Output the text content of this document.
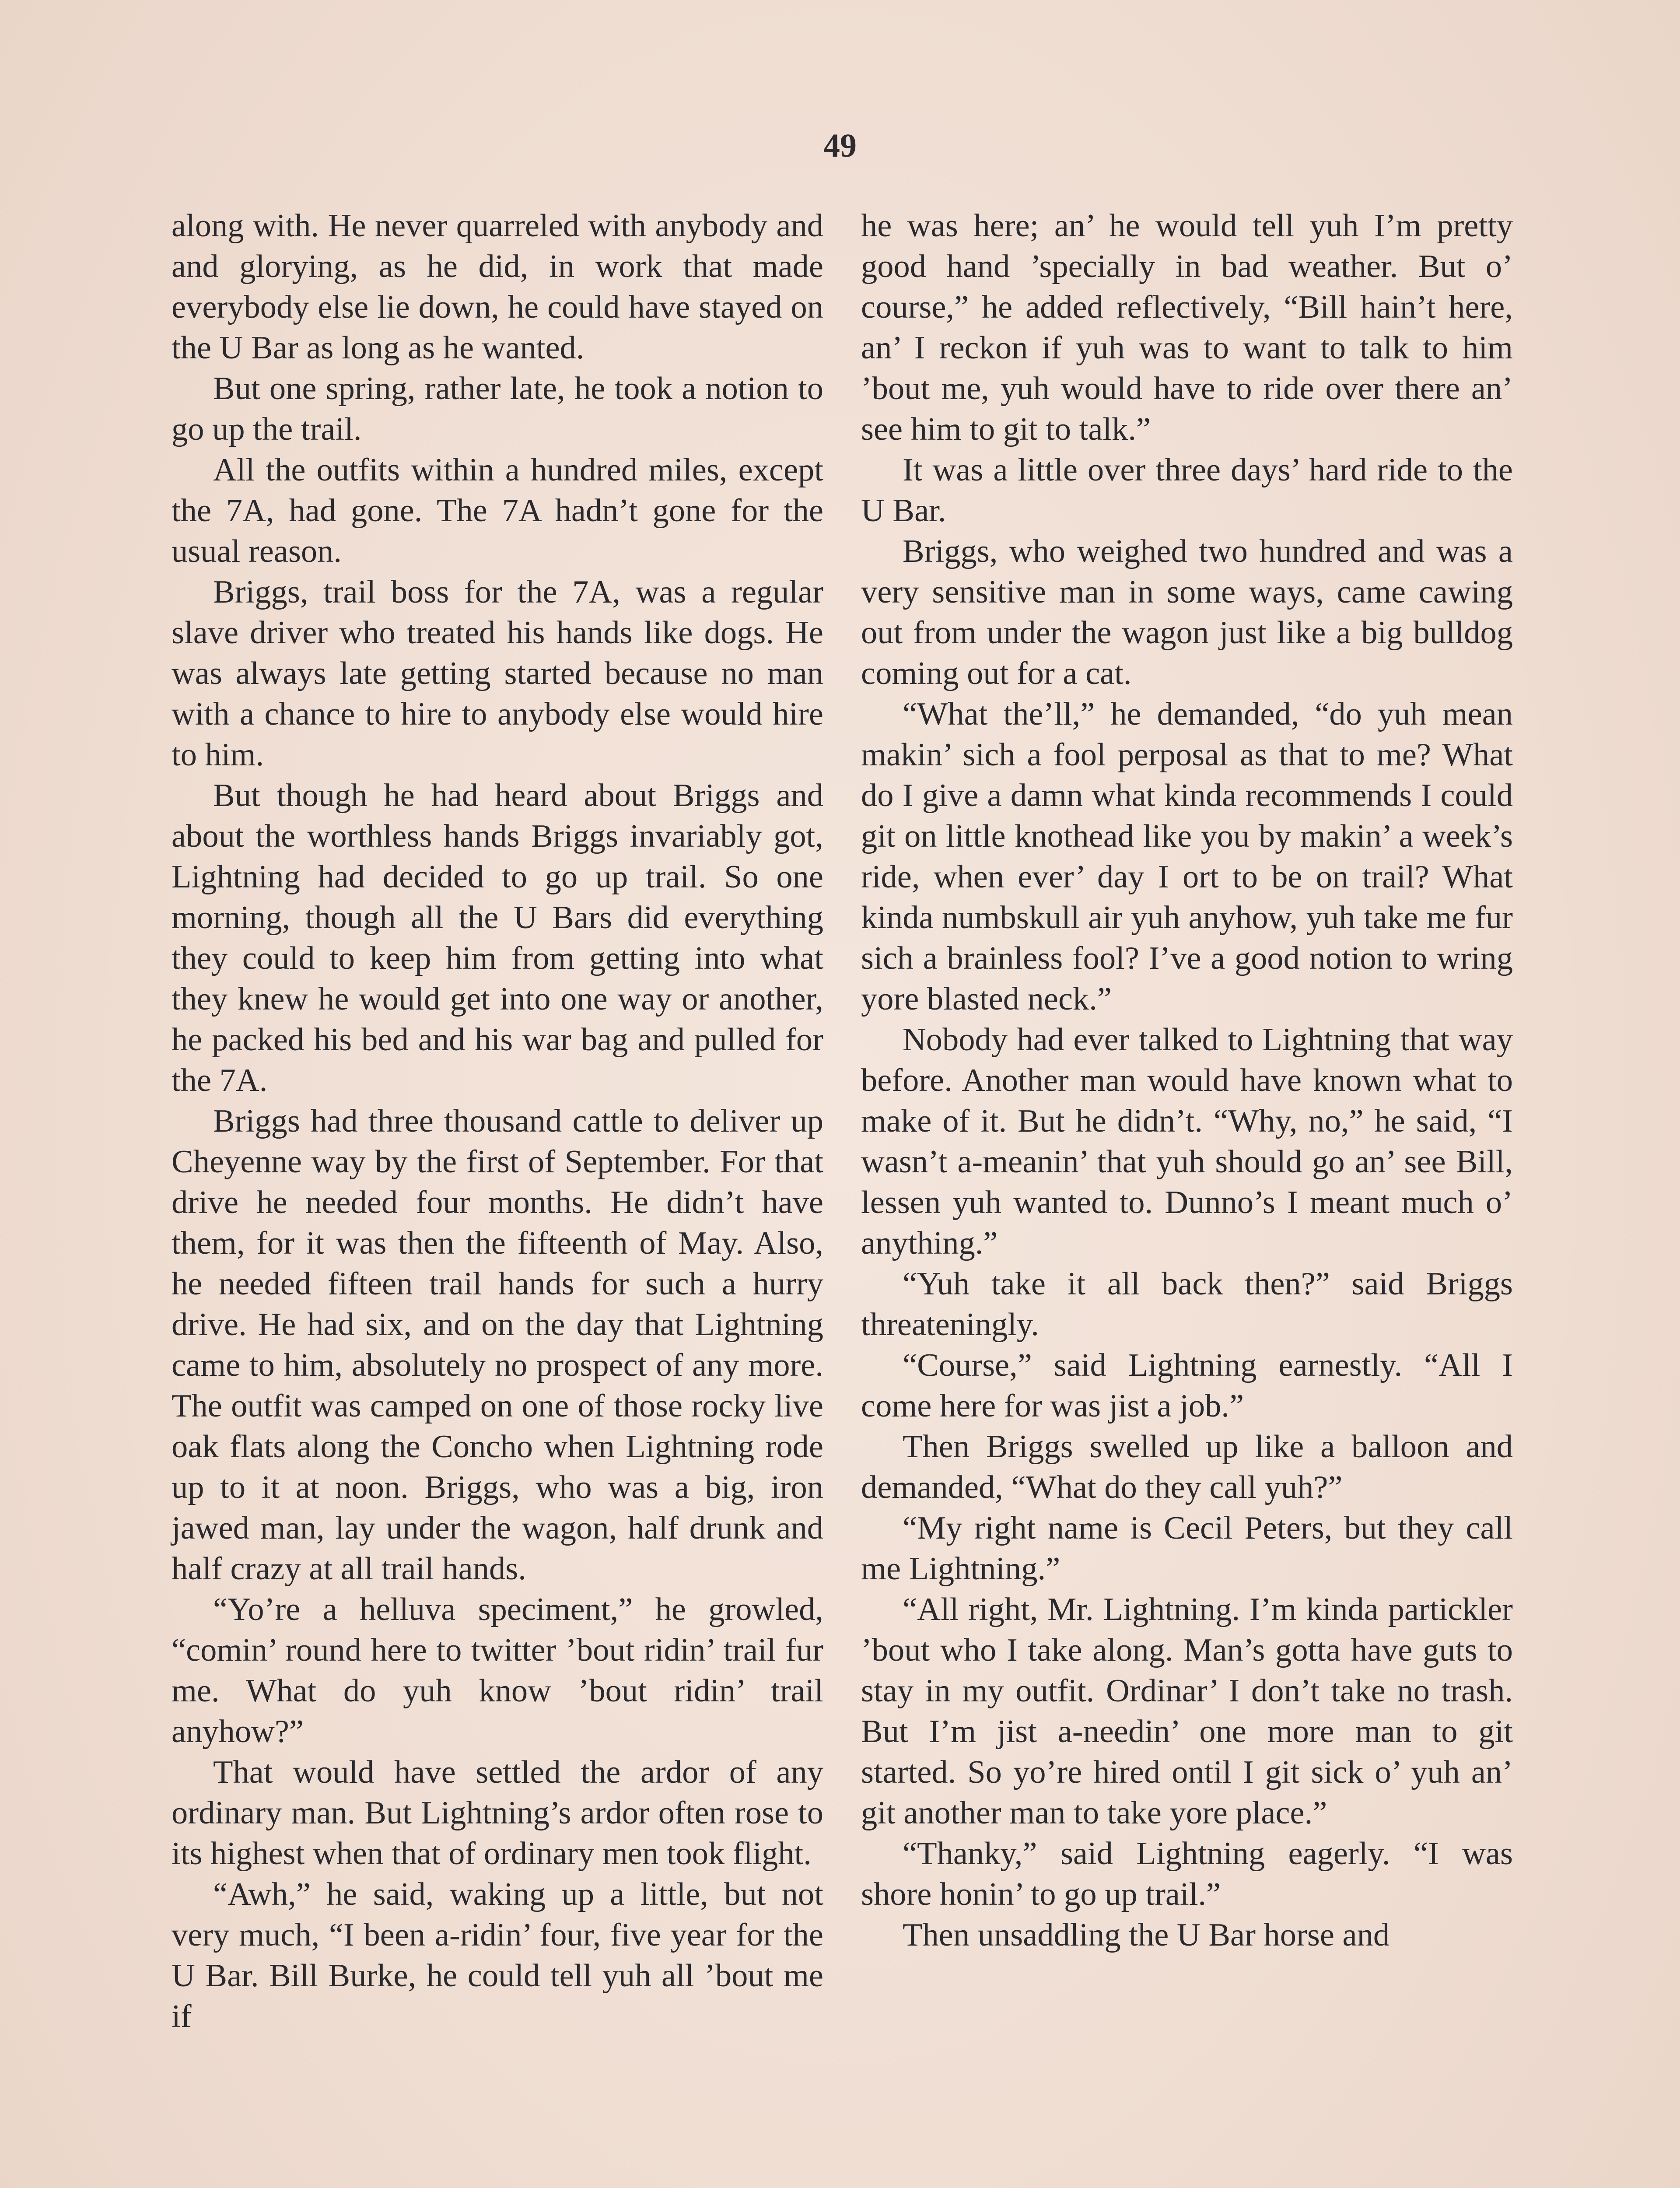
49

along with. He never quarreled with anybody and and glorying, as he did, in work that made everybody else lie down, he could have stayed on the U Bar as long as he wanted.

But one spring, rather late, he took a notion to go up the trail.

All the outfits within a hundred miles, except the 7A, had gone. The 7A hadn’t gone for the usual reason.

Briggs, trail boss for the 7A, was a regular slave driver who treated his hands like dogs. He was always late getting started because no man with a chance to hire to anybody else would hire to him.

But though he had heard about Briggs and about the worthless hands Briggs invariably got, Lightning had decided to go up trail. So one morning, though all the U Bars did everything they could to keep him from getting into what they knew he would get into one way or another, he packed his bed and his war bag and pulled for the 7A.

Briggs had three thousand cattle to deliver up Cheyenne way by the first of September. For that drive he needed four months. He didn’t have them, for it was then the fifteenth of May. Also, he needed fifteen trail hands for such a hurry drive. He had six, and on the day that Lightning came to him, absolutely no prospect of any more. The outfit was camped on one of those rocky live oak flats along the Concho when Lightning rode up to it at noon. Briggs, who was a big, iron jawed man, lay under the wagon, half drunk and half crazy at all trail hands.

“Yo’re a helluva speciment,” he growled, “comin’ round here to twitter ’bout ridin’ trail fur me. What do yuh know ’bout ridin’ trail anyhow?”

That would have settled the ardor of any ordinary man. But Lightning’s ardor often rose to its highest when that of ordinary men took flight.

“Awh,” he said, waking up a little, but not very much, “I been a-ridin’ four, five year for the U Bar. Bill Burke, he could tell yuh all ’bout me if

he was here; an’ he would tell yuh I’m pretty good hand ’specially in bad weather. But o’ course,” he added reflectively, “Bill hain’t here, an’ I reckon if yuh was to want to talk to him ’bout me, yuh would have to ride over there an’ see him to git to talk.”

It was a little over three days’ hard ride to the U Bar.

Briggs, who weighed two hundred and was a very sensitive man in some ways, came cawing out from under the wagon just like a big bulldog coming out for a cat.

“What the’ll,” he demanded, “do yuh mean makin’ sich a fool perposal as that to me? What do I give a damn what kinda recommends I could git on little knothead like you by makin’ a week’s ride, when ever’ day I ort to be on trail? What kinda numbskull air yuh anyhow, yuh take me fur sich a brainless fool? I’ve a good notion to wring yore blasted neck.”

Nobody had ever talked to Lightning that way before. Another man would have known what to make of it. But he didn’t. “Why, no,” he said, “I wasn’t a-meanin’ that yuh should go an’ see Bill, lessen yuh wanted to. Dunno’s I meant much o’ anything.”

“Yuh take it all back then?” said Briggs threateningly.

“Course,” said Lightning earnestly. “All I come here for was jist a job.”

Then Briggs swelled up like a balloon and demanded, “What do they call yuh?”

“My right name is Cecil Peters, but they call me Lightning.”

“All right, Mr. Lightning. I’m kinda partickler ’bout who I take along. Man’s gotta have guts to stay in my outfit. Ordinar’ I don’t take no trash. But I’m jist a-needin’ one more man to git started. So yo’re hired ontil I git sick o’ yuh an’ git another man to take yore place.”

“Thanky,” said Lightning eagerly. “I was shore honin’ to go up trail.”

Then unsaddling the U Bar horse and
